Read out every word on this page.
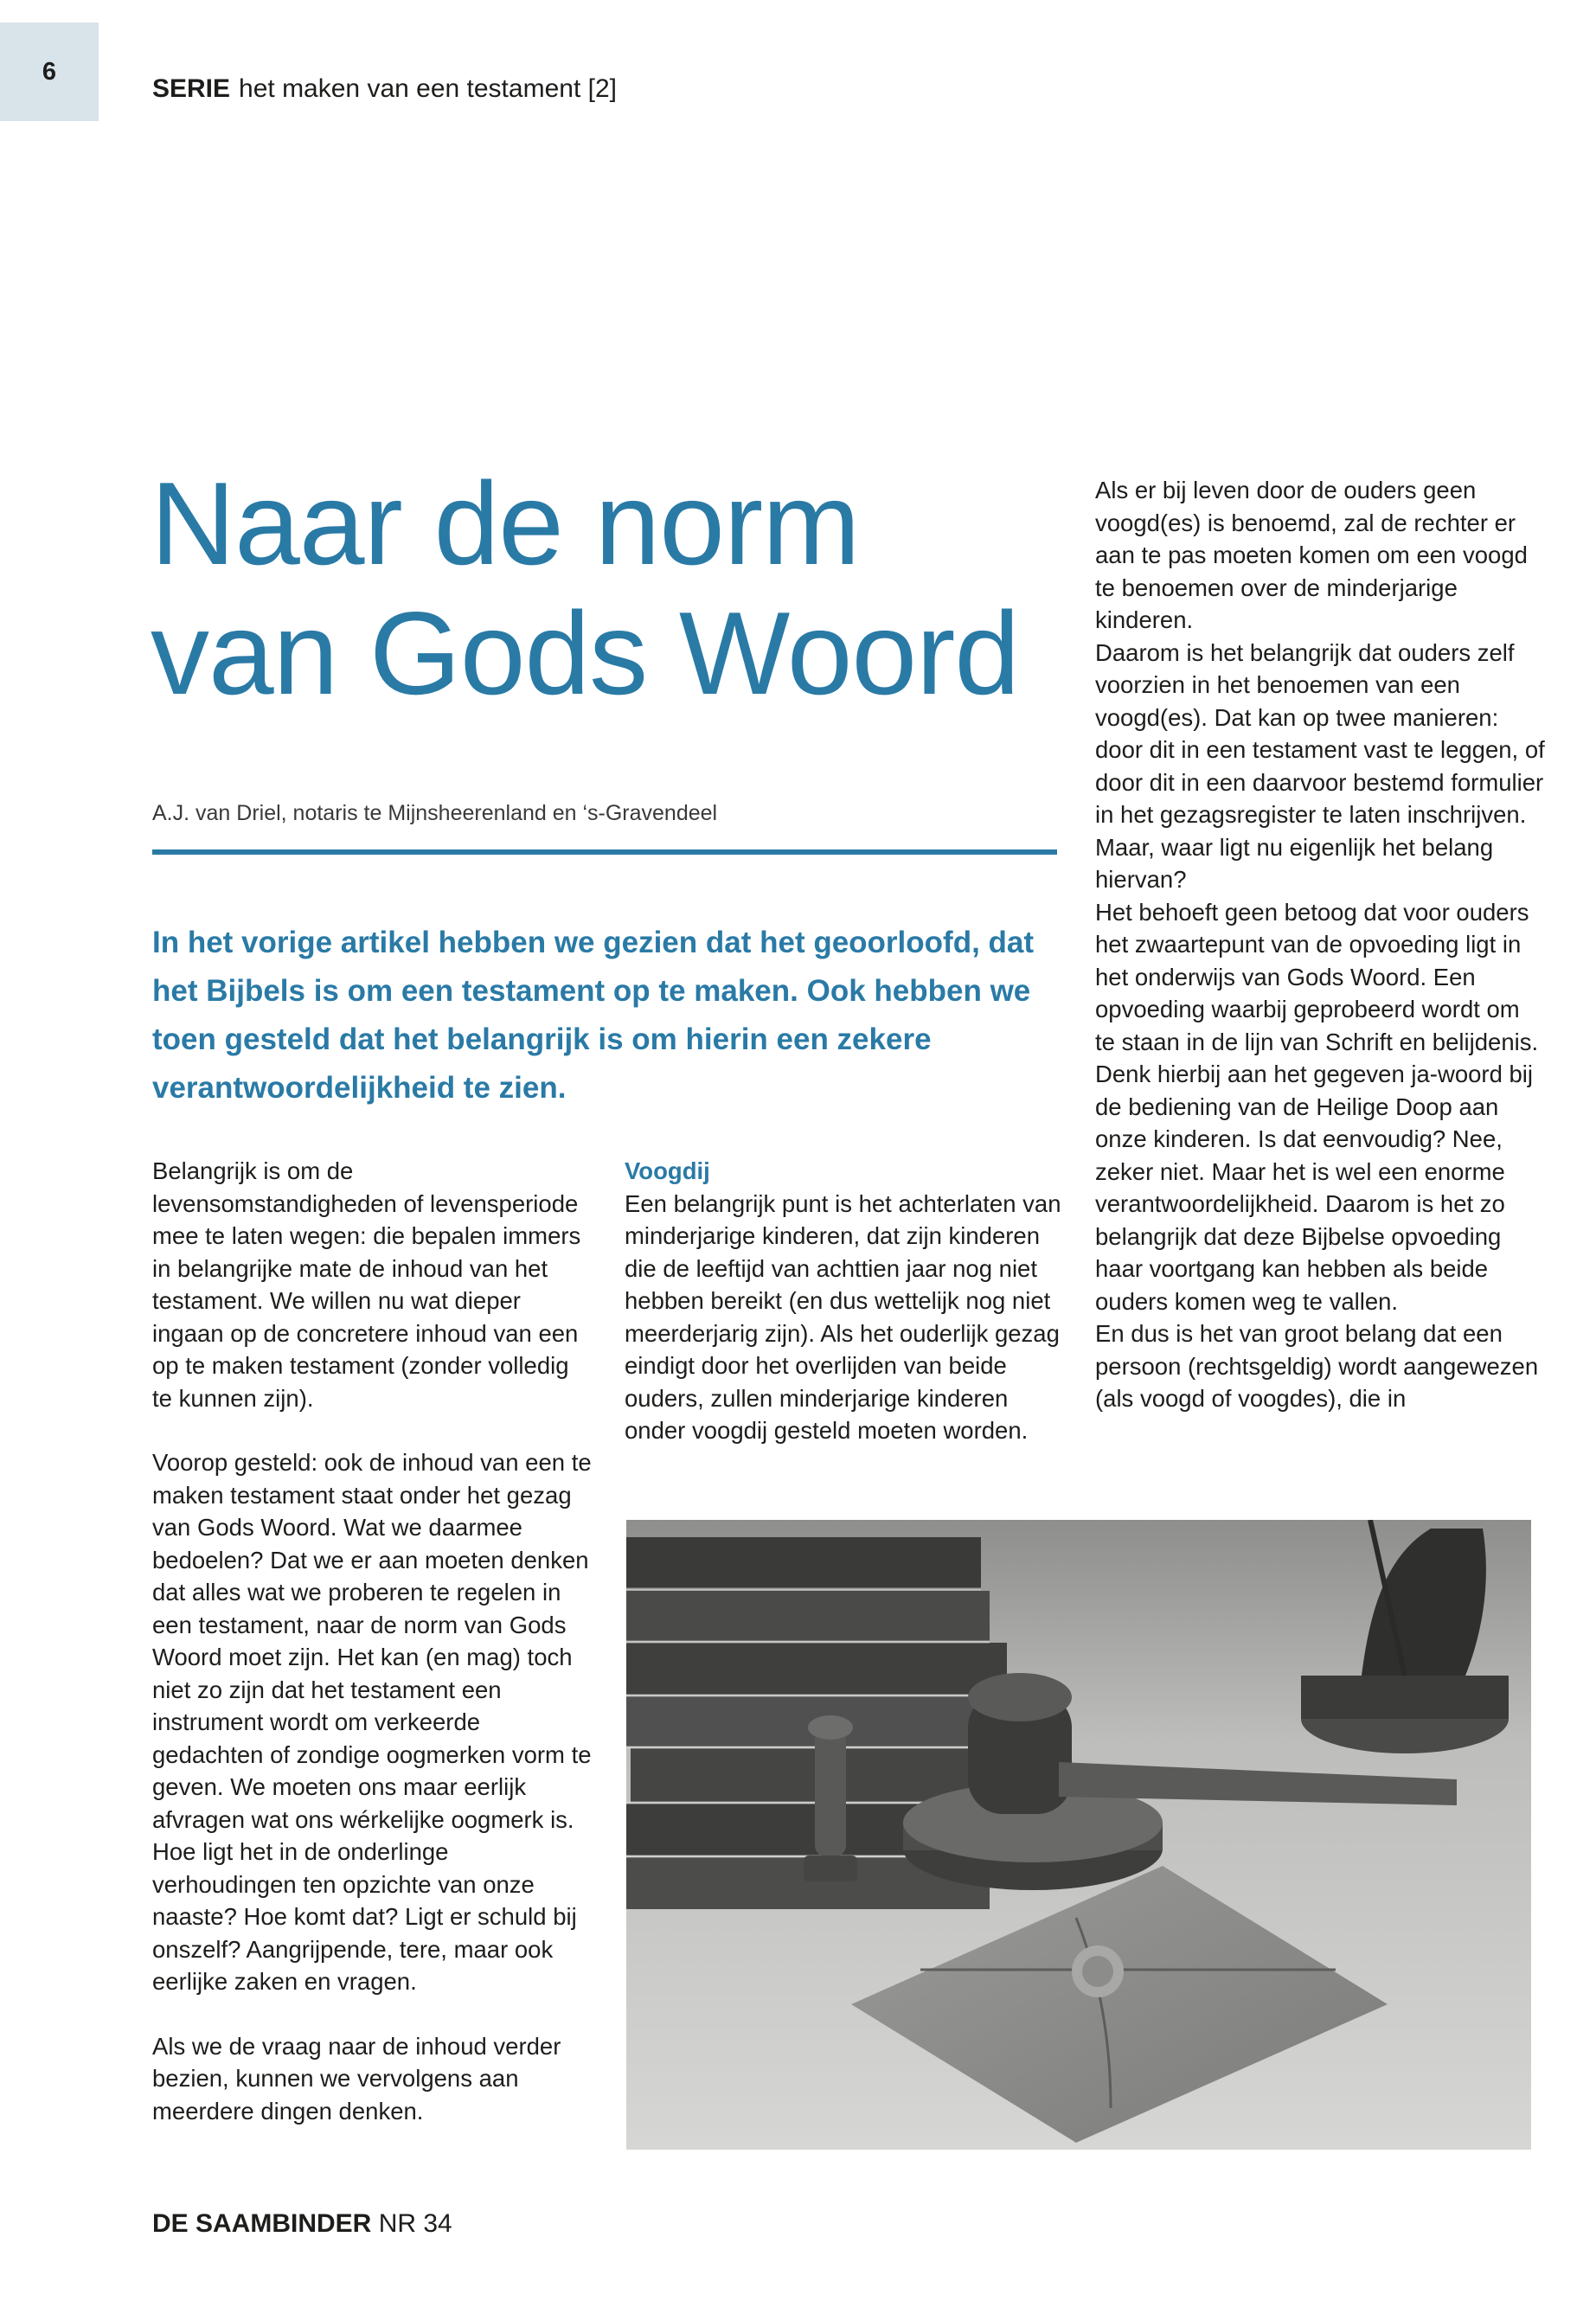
6
SERIE het maken van een testament [2]
Naar de norm
van Gods Woord
A.J. van Driel, notaris te Mijnsheerenland en ‘s-Gravendeel

In het vorige artikel hebben we gezien dat het geoorloofd, dat het Bijbels is om een testament op te maken. Ook hebben we toen gesteld dat het belangrijk is om hierin een zekere verantwoordelijkheid te zien.

Belangrijk is om de levensomstandigheden of levensperiode mee te laten wegen: die bepalen immers in belangrijke mate de inhoud van het testament. We willen nu wat dieper ingaan op de concretere inhoud van een op te maken testament (zonder volledig te kunnen zijn).

Voorop gesteld: ook de inhoud van een te maken testament staat onder het gezag van Gods Woord. Wat we daarmee bedoelen? Dat we er aan moeten denken dat alles wat we proberen te regelen in een testament, naar de norm van Gods Woord moet zijn. Het kan (en mag) toch niet zo zijn dat het testament een instrument wordt om verkeerde gedachten of zondige oogmerken vorm te geven. We moeten ons maar eerlijk afvragen wat ons wérkelijke oogmerk is. Hoe ligt het in de onderlinge verhoudingen ten opzichte van onze naaste? Hoe komt dat? Ligt er schuld bij onszelf? Aangrijpende, tere, maar ook eerlijke zaken en vragen.

Als we de vraag naar de inhoud verder bezien, kunnen we vervolgens aan meerdere dingen denken.

Voogdij

Een belangrijk punt is het achterlaten van minderjarige kinderen, dat zijn kinderen die de leeftijd van achttien jaar nog niet hebben bereikt (en dus wettelijk nog niet meerderjarig zijn). Als het ouderlijk gezag eindigt door het overlijden van beide ouders, zullen minderjarige kinderen onder voogdij gesteld moeten worden.

Als er bij leven door de ouders geen voogd(es) is benoemd, zal de rechter er aan te pas moeten komen om een voogd te benoemen over de minderjarige kinderen.

Daarom is het belangrijk dat ouders zelf voorzien in het benoemen van een voogd(es). Dat kan op twee manieren: door dit in een testament vast te leggen, of door dit in een daarvoor bestemd formulier in het gezagsregister te laten inschrijven. Maar, waar ligt nu eigenlijk het belang hiervan?

Het behoeft geen betoog dat voor ouders het zwaartepunt van de opvoeding ligt in het onderwijs van Gods Woord. Een opvoeding waarbij geprobeerd wordt om te staan in de lijn van Schrift en belijdenis. Denk hierbij aan het gegeven ja-woord bij de bediening van de Heilige Doop aan onze kinderen. Is dat eenvoudig? Nee, zeker niet. Maar het is wel een enorme verantwoordelijkheid. Daarom is het zo belangrijk dat deze Bijbelse opvoeding haar voortgang kan hebben als beide ouders komen weg te vallen.

En dus is het van groot belang dat een persoon (rechtsgeldig) wordt aangewezen (als voogd of voogdes), die in

DE SAAMBINDER NR 34
